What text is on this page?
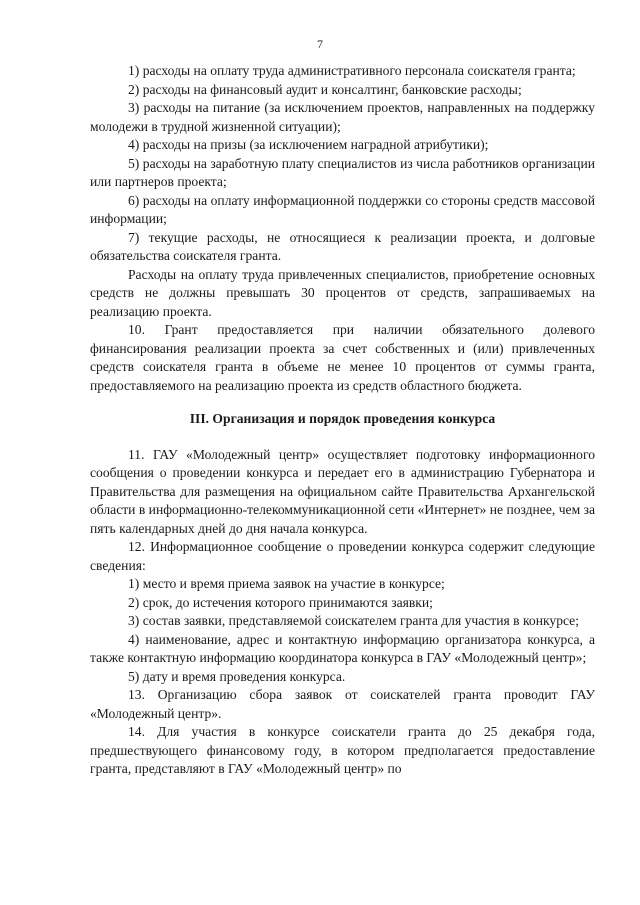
7

1) расходы на оплату труда административного персонала соискателя гранта;

2) расходы на финансовый аудит и консалтинг, банковские расходы;

3) расходы на питание (за исключением проектов, направленных на поддержку молодежи в трудной жизненной ситуации);

4) расходы на призы (за исключением наградной атрибутики);

5) расходы на заработную плату специалистов из числа работников организации или партнеров проекта;

6) расходы на оплату информационной поддержки со стороны средств массовой информации;

7) текущие расходы, не относящиеся к реализации проекта, и долговые обязательства соискателя гранта.

Расходы на оплату труда привлеченных специалистов, приобретение основных средств не должны превышать 30 процентов от средств, запрашиваемых на реализацию проекта.

10. Грант предоставляется при наличии обязательного долевого финансирования реализации проекта за счет собственных и (или) привлеченных средств соискателя гранта в объеме не менее 10 процентов от суммы гранта, предоставляемого на реализацию проекта из средств областного бюджета.

III. Организация и порядок проведения конкурса

11. ГАУ «Молодежный центр» осуществляет подготовку информационного сообщения о проведении конкурса и передает его в администрацию Губернатора и Правительства для размещения на официальном сайте Правительства Архангельской области в информационно-телекоммуникационной сети «Интернет» не позднее, чем за пять календарных дней до дня начала конкурса.

12. Информационное сообщение о проведении конкурса содержит следующие сведения:

1) место и время приема заявок на участие в конкурсе;

2) срок, до истечения которого принимаются заявки;

3) состав заявки, представляемой соискателем гранта для участия в конкурсе;

4) наименование, адрес и контактную информацию организатора конкурса, а также контактную информацию координатора конкурса в ГАУ «Молодежный центр»;

5) дату и время проведения конкурса.

13. Организацию сбора заявок от соискателей гранта проводит ГАУ «Молодежный центр».

14. Для участия в конкурсе соискатели гранта до 25 декабря года, предшествующего финансовому году, в котором предполагается предоставление гранта, представляют в ГАУ «Молодежный центр» по
